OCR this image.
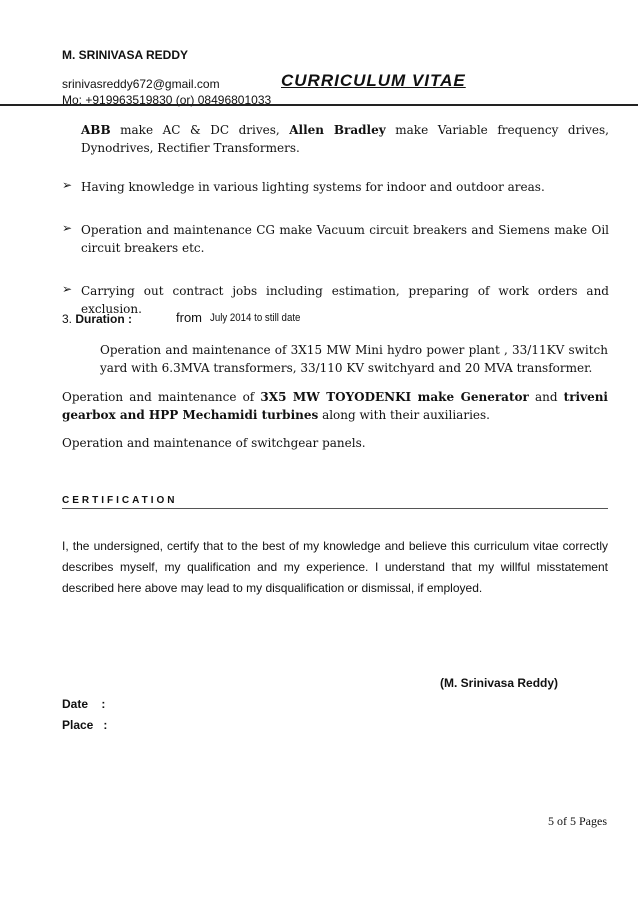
M. SRINIVASA REDDY
srinivasreddy672@gmail.com	CURRICULUM VITAE
Mo: +919963519830 (or) 08496801033
ABB make AC & DC drives, Allen Bradley make Variable frequency drives, Dynodrives, Rectifier Transformers.
➢ Having knowledge in various lighting systems for indoor and outdoor areas.
➢ Operation and maintenance CG make Vacuum circuit breakers and Siemens make Oil circuit breakers etc.
➢ Carrying out contract jobs including estimation, preparing of work orders and exclusion.
3. Duration :	from July 2014 to still date
Operation and maintenance of 3X15 MW Mini hydro power plant , 33/11KV switch yard with 6.3MVA transformers, 33/110 KV switchyard and 20 MVA transformer.
Operation and maintenance of 3X5 MW TOYODENKI make Generator and triveni gearbox and HPP Mechamidi turbines along with their auxiliaries.
Operation and maintenance of switchgear panels.
CERTIFICATION
I, the undersigned, certify that to the best of my knowledge and believe this curriculum vitae correctly describes myself, my qualification and my experience. I understand that my willful misstatement described here above may lead to my disqualification or dismissal, if employed.
(M. Srinivasa Reddy)
Date    :
Place   :
5 of 5 Pages
